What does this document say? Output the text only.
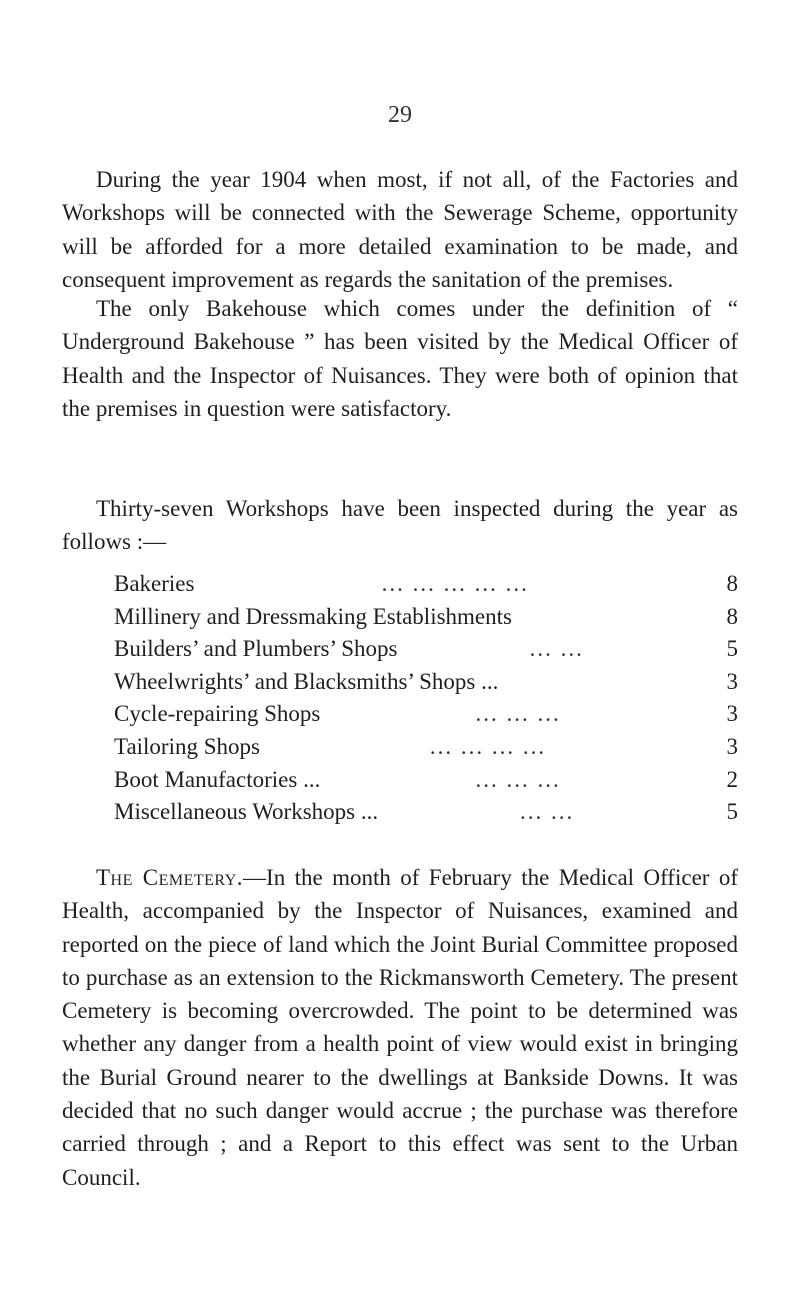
29

During the year 1904 when most, if not all, of the Factories and Workshops will be connected with the Sewerage Scheme, opportunity will be afforded for a more detailed examination to be made, and consequent improvement as regards the sanitation of the premises.

The only Bakehouse which comes under the definition of “ Underground Bakehouse ” has been visited by the Medical Officer of Health and the Inspector of Nuisances. They were both of opinion that the premises in question were satisfactory.

Thirty-seven Workshops have been inspected during the year as follows :—

Bakeries	... ... ... ... ...	8
Millinery and Dressmaking Establishments	8
Builders’ and Plumbers’ Shops	... ...	5
Wheelwrights’ and Blacksmiths’ Shops ...	3
Cycle-repairing Shops	... ... ...	3
Tailoring Shops	... ... ... ...	3
Boot Manufactories ...	... ... ...	2
Miscellaneous Workshops ...	... ...	5

The Cemetery.—In the month of February the Medical Officer of Health, accompanied by the Inspector of Nuisances, examined and reported on the piece of land which the Joint Burial Committee proposed to purchase as an extension to the Rickmansworth Cemetery. The present Cemetery is becoming overcrowded. The point to be determined was whether any danger from a health point of view would exist in bringing the Burial Ground nearer to the dwellings at Bankside Downs. It was decided that no such danger would accrue ; the purchase was therefore carried through ; and a Report to this effect was sent to the Urban Council.
